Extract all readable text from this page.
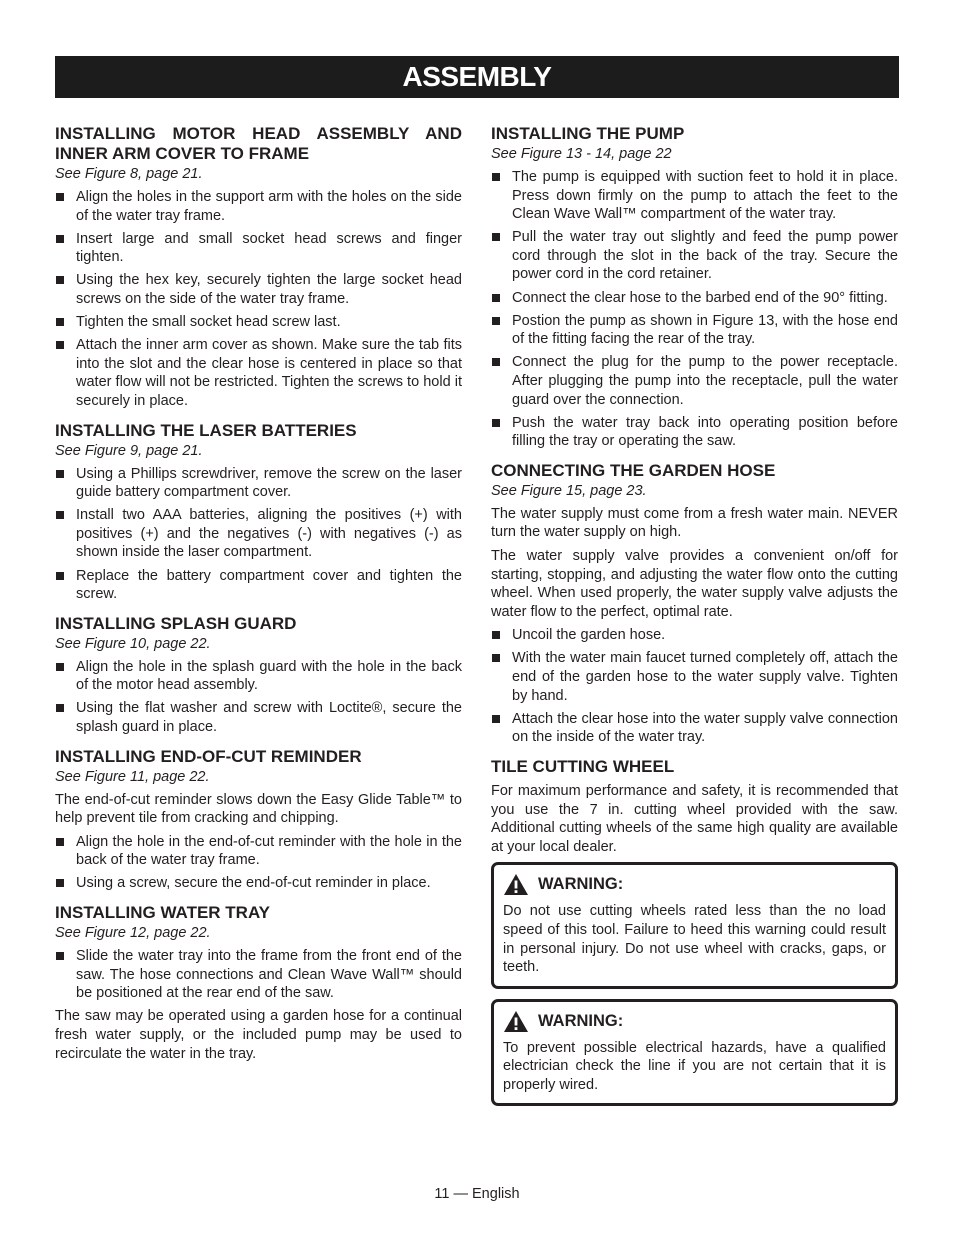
ASSEMBLY
INSTALLING MOTOR HEAD ASSEMBLY AND INNER ARM COVER TO FRAME
See Figure 8, page 21.
Align the holes in the support arm with the holes on the side of the water tray frame.
Insert large and small socket head screws and finger tighten.
Using the hex key, securely tighten the large socket head screws on the side of the water tray frame.
Tighten the small socket head screw last.
Attach the inner arm cover as shown. Make sure the tab fits into the slot and the clear hose is centered in place so that water flow will not be restricted. Tighten the screws to hold it securely in place.
INSTALLING THE LASER BATTERIES
See Figure 9, page 21.
Using a Phillips screwdriver, remove the screw on the laser guide battery compartment cover.
Install two AAA batteries, aligning the positives (+) with positives (+) and the negatives (-) with negatives (-) as shown inside the laser compartment.
Replace the battery compartment cover and tighten the screw.
INSTALLING SPLASH GUARD
See Figure 10, page 22.
Align the hole in the splash guard with the hole in the back of the motor head assembly.
Using the flat washer and screw with Loctite®, secure the splash guard in place.
INSTALLING END-OF-CUT REMINDER
See Figure 11, page 22.

The end-of-cut reminder slows down the Easy Glide Table™ to help prevent tile from cracking and chipping.

Align the hole in the end-of-cut reminder with the hole in the back of the water tray frame.
Using a screw, secure the end-of-cut reminder in place.
INSTALLING WATER TRAY
See Figure 12, page 22.
Slide the water tray into the frame from the front end of the saw. The hose connections and Clean Wave Wall™ should be positioned at the rear end of the saw.

The saw may be operated using a garden hose for a continual fresh water supply, or the included pump may be used to recirculate the water in the tray.

INSTALLING THE PUMP
See Figure 13 - 14, page 22
The pump is equipped with suction feet to hold it in place. Press down firmly on the pump to attach the feet to the Clean Wave Wall™ compartment of the water tray.
Pull the water tray out slightly and feed the pump power cord through the slot in the back of the tray. Secure the power cord in the cord retainer.
Connect the clear hose to the barbed end of the 90° fitting.
Postion the pump as shown in Figure 13, with the hose end of the fitting facing the rear of the tray.
Connect the plug for the pump to the power receptacle. After plugging the pump into the receptacle, pull the water guard over the connection.
Push the water tray back into operating position before filling the tray or operating the saw.
CONNECTING THE GARDEN HOSE
See Figure 15, page 23.

The water supply must come from a fresh water main. NEVER turn the water supply on high.

The water supply valve provides a convenient on/off for starting, stopping, and adjusting the water flow onto the cutting wheel. When used properly, the water supply valve adjusts the water flow to the perfect, optimal rate.

Uncoil the garden hose.
With the water main faucet turned completely off, attach the end of the garden hose to the water supply valve. Tighten by hand.
Attach the clear hose into the water supply valve connection on the inside of the water tray.
TILE CUTTING WHEEL

For maximum performance and safety, it is recommended that you use the 7 in. cutting wheel provided with the saw. Additional cutting wheels of the same high quality are available at your local dealer.

WARNING:

Do not use cutting wheels rated less than the no load speed of this tool. Failure to heed this warning could result in personal injury. Do not use wheel with cracks, gaps, or teeth.

WARNING:

To prevent possible electrical hazards, have a qualified electrician check the line if you are not certain that it is properly wired.

11 — English
